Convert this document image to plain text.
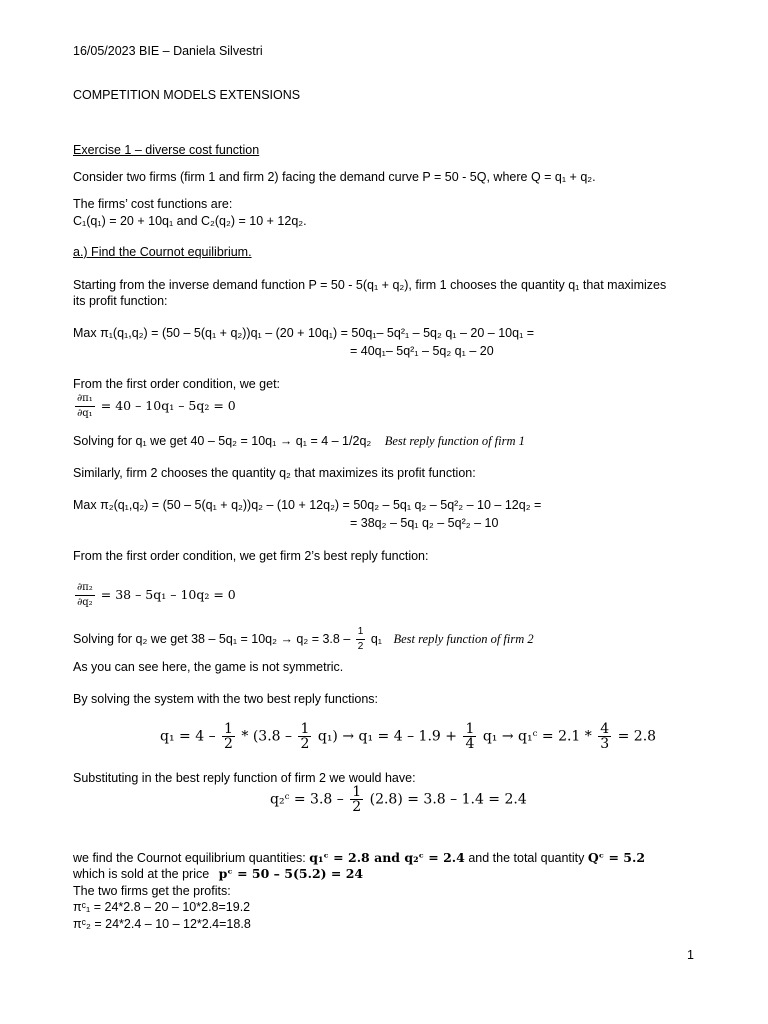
16/05/2023 BIE – Daniela Silvestri
COMPETITION MODELS EXTENSIONS
Exercise 1 – diverse cost function
Consider two firms (firm 1 and firm 2) facing the demand curve P = 50 - 5Q, where Q = q₁ + q₂.
The firms’ cost functions are:
C₁(q₁) = 20 + 10q₁ and C₂(q₂) = 10 + 12q₂.
a.) Find the Cournot equilibrium.
Starting from the inverse demand function P = 50 - 5(q₁ + q₂), firm 1 chooses the quantity q₁ that maximizes
its profit function:
Max π₁(q₁,q₂) = (50 – 5(q₁ + q₂))q₁ – (20 + 10q₁) = 50q₁– 5q²₁ – 5q₂ q₁ – 20 – 10q₁ =
= 40q₁– 5q²₁ – 5q₂ q₁ – 20
From the first order condition, we get:
$\frac{\text{∂π₁}}{\text{∂q₁}} = 40 - 10q_1 - 5q_2 = 0$
Solving for q₁ we get 40 – 5q₂ = 10q₁ → q₁ = 4 – 1/2q₂ Best reply function of firm 1
Similarly, firm 2 chooses the quantity q₂ that maximizes its profit function:
Max π₂(q₁,q₂) = (50 – 5(q₁ + q₂))q₂ – (10 + 12q₂) = 50q₂ – 5q₁ q₂ – 5q²₂ – 10 – 12q₂ =
= 38q₂ – 5q₁ q₂ – 5q²₂ – 10
From the first order condition, we get firm 2’s best reply function:
$\frac{\text{∂π₂}}{\text{∂q₂}} = 38 - 5q_1 - 10q_2 = 0$
Solving for q₂ we get $38 - 5q_1 = 10q_2 \to q_2 = 3.8 - \frac{1}{2} q_1$ Best reply function of firm 2
As you can see here, the game is not symmetric.
By solving the system with the two best reply functions:
$q_1 = 4 - \frac{1}{2} * (3.8 - \frac{1}{2} q_1) \to q_1 = 4 - 1.9 + \frac{1}{4} q_1$ → q₁ᶜ = $2.1 * \frac{4}{3} = 2.8$
Substituting in the best reply function of firm 2 we would have:
q₂ᶜ = $3.8 - \frac{1}{2} (2.8) = 3.8 - 1.4 = 2.4$
we find the Cournot equilibrium quantities: q₁ᶜ = 2.8 and q₂ᶜ = 2.4 and the total quantity Qᶜ = 5.2
which is sold at the price pᶜ = 50 – 5(5.2) = 24
The two firms get the profits:
πᶜ₁ = 24*2.8 – 20 – 10*2.8=19.2
πᶜ₂ = 24*2.4 – 10 – 12*2.4=18.8
1
